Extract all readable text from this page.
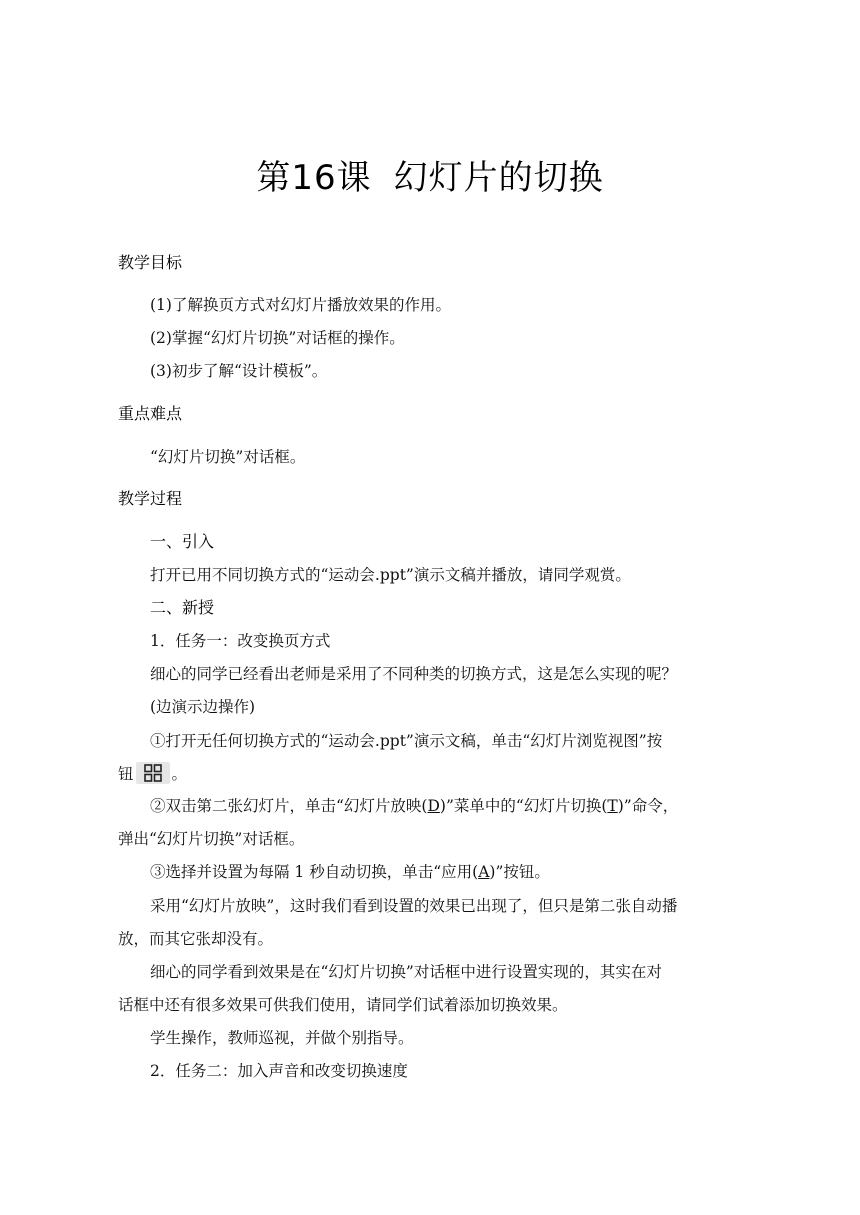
第16课 幻灯片的切换
教学目标
(1)了解换页方式对幻灯片播放效果的作用。
(2)掌握“幻灯片切换”对话框的操作。
(3)初步了解“设计模板”。
重点难点
“幻灯片切换”对话框。
教学过程
一、引入
打开已用不同切换方式的“运动会.ppt”演示文稿并播放，请同学观赏。
二、新授
1．任务一：改变换页方式
细心的同学已经看出老师是采用了不同种类的切换方式，这是怎么实现的呢？
(边演示边操作)
①打开无任何切换方式的“运动会.ppt”演示文稿，单击“幻灯片浏览视图”按
钮 。
②双击第二张幻灯片，单击“幻灯片放映(D)”菜单中的“幻灯片切换(T)”命令，
弹出“幻灯片切换”对话框。
③选择并设置为每隔 1 秒自动切换，单击“应用(A)”按钮。
采用“幻灯片放映”，这时我们看到设置的效果已出现了，但只是第二张自动播
放，而其它张却没有。
细心的同学看到效果是在“幻灯片切换”对话框中进行设置实现的，其实在对
话框中还有很多效果可供我们使用，请同学们试着添加切换效果。
学生操作，教师巡视，并做个别指导。
2．任务二：加入声音和改变切换速度
